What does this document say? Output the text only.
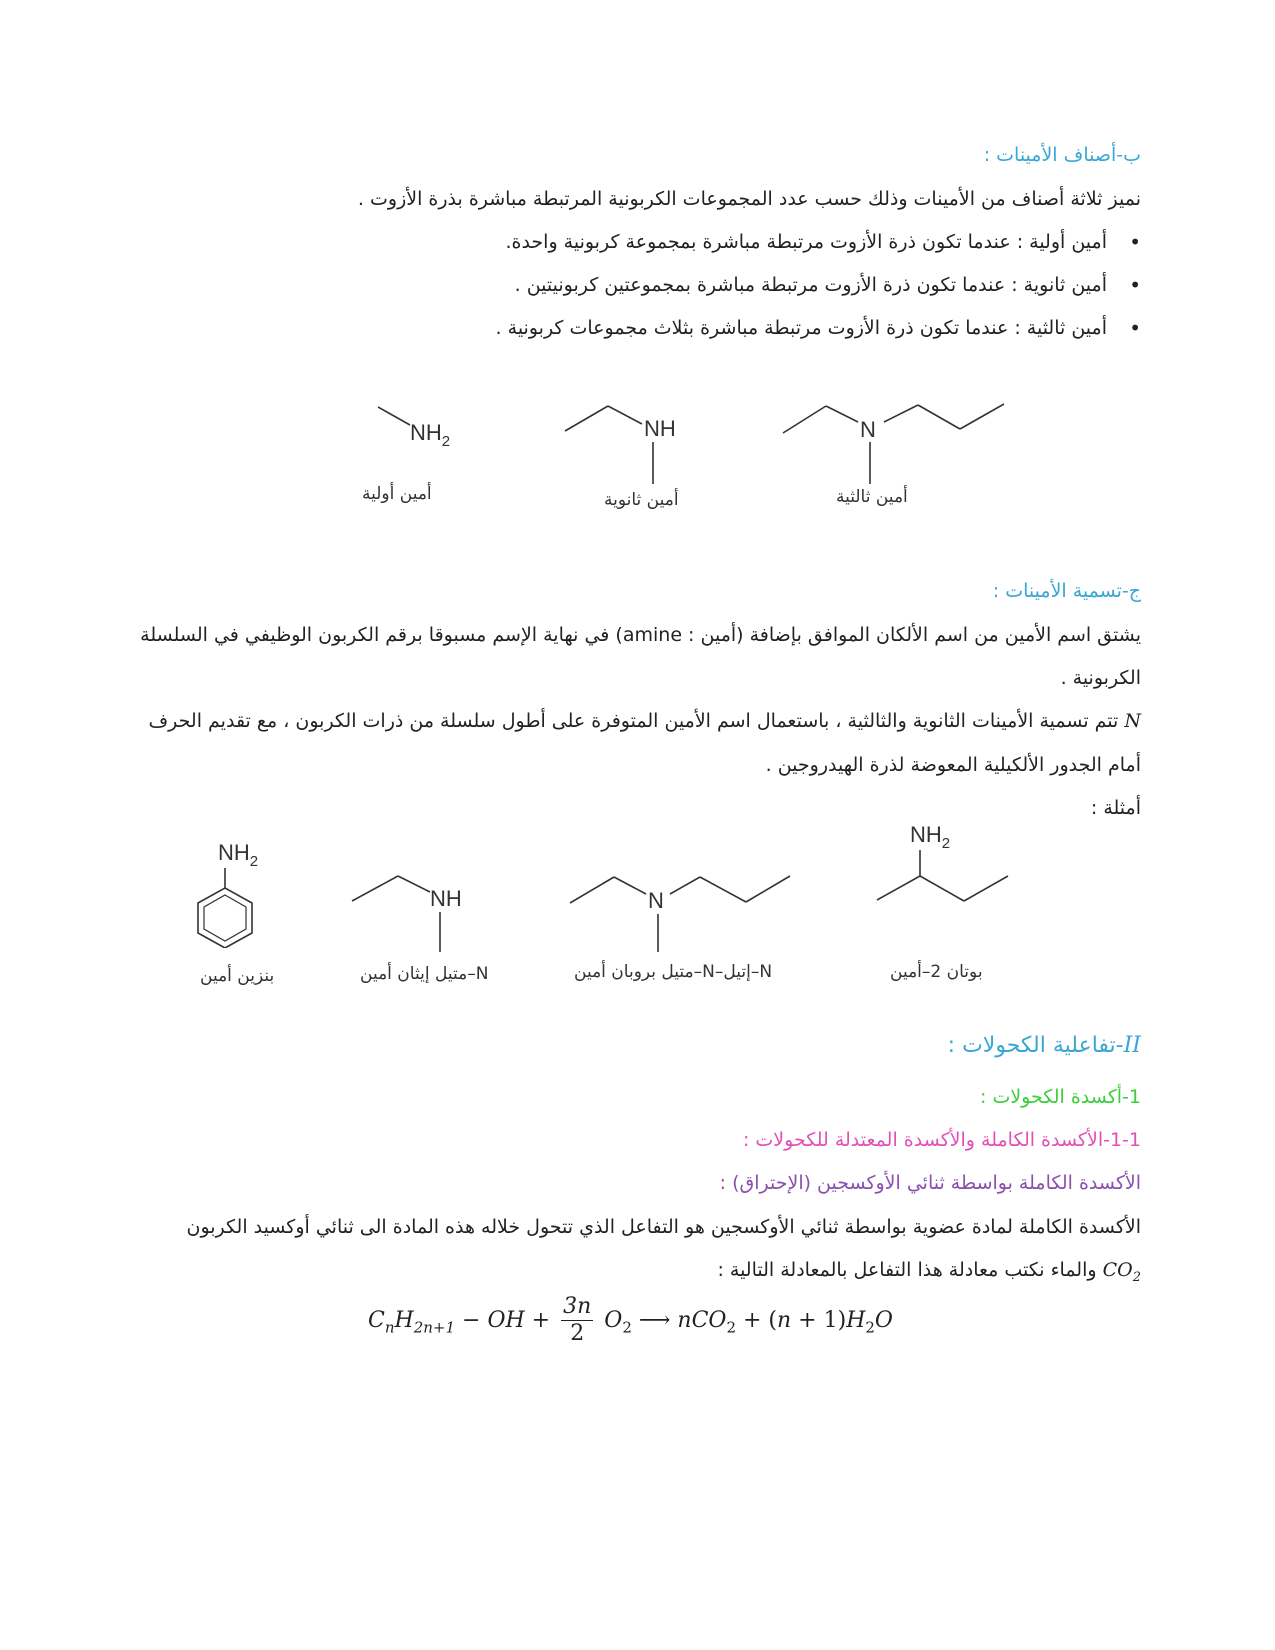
ب-أصناف الأمينات :
نميز ثلاثة أصناف من الأمينات وذلك حسب عدد المجموعات الكربونية المرتبطة مباشرة بذرة الأزوت .
• أمين أولية : عندما تكون ذرة الأزوت مرتبطة مباشرة بمجموعة كربونية واحدة.
• أمين ثانوية : عندما تكون ذرة الأزوت مرتبطة مباشرة بمجموعتين كربونيتين .
• أمين ثالثية : عندما تكون ذرة الأزوت مرتبطة مباشرة بثلاث مجموعات كربونية .
$NH_2$
أمين أولية
NH
أمين ثانوية
N
أمين ثالثية
ج-تسمية الأمينات :
يشتق اسم الأمين من اسم الألكان الموافق بإضافة (أمين : amine) في نهاية الإسم مسبوقا برقم الكربون الوظيفي في السلسلة
الكربونية .
N تتم تسمية الأمينات الثانوية والثالثية ، باستعمال اسم الأمين المتوفرة على أطول سلسلة من ذرات الكربون ، مع تقديم الحرف
أمام الجدور الألكيلية المعوضة لذرة الهيدروجين .
أمثلة :
$NH_2$
بنزين أمين
NH
N–متيل إيثان أمين
N
N–إتيل–N–متيل بروبان أمين
$NH_2$
بوتان 2–أمين
II-تفاعلية الكحولات :
1-أكسدة الكحولات :
1-1-الأكسدة الكاملة والأكسدة المعتدلة للكحولات :
الأكسدة الكاملة بواسطة ثنائي الأوكسجين (الإحتراق) :
الأكسدة الكاملة لمادة عضوية بواسطة ثنائي الأوكسجين هو التفاعل الذي تتحول خلاله هذه المادة الى ثنائي أوكسيد الكربون
$CO_2$ والماء نكتب معادلة هذا التفاعل بالمعادلة التالية :
$C_nH_{2n+1}$ − OH + $\frac{3n}{2} O_2$ ⟶ $nCO_2 + (n + 1)H_2O$
